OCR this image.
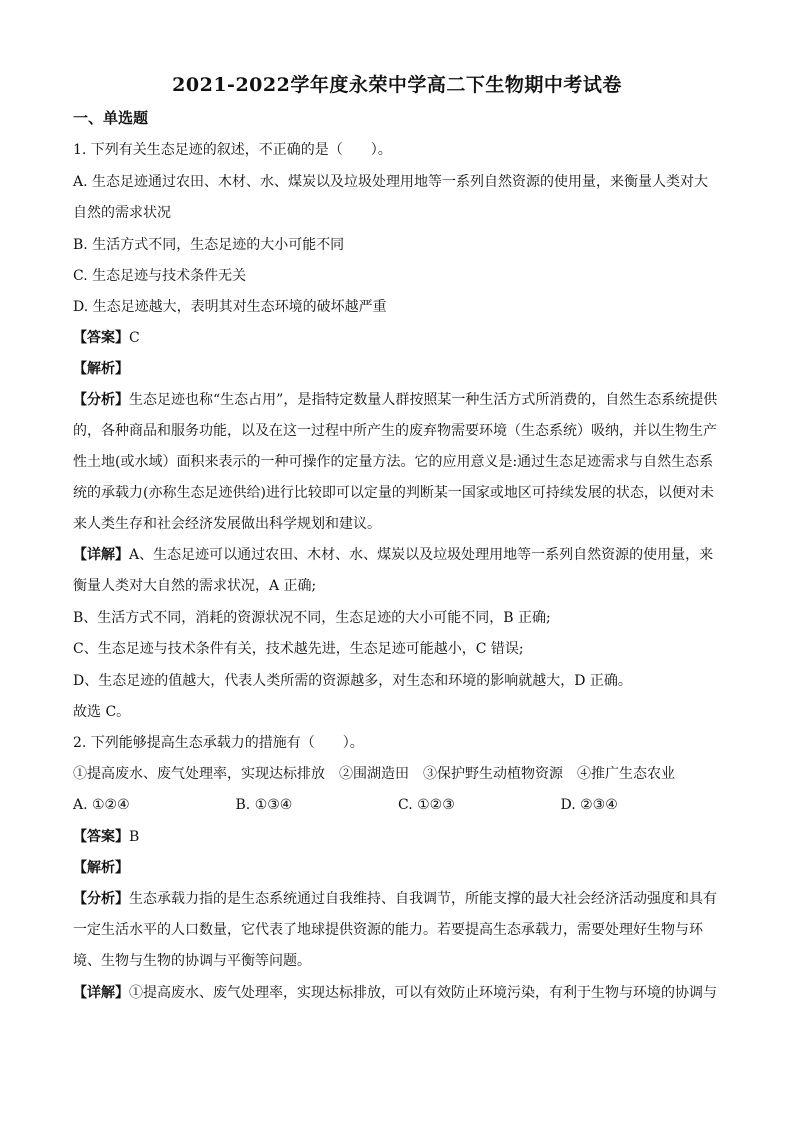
2021-2022学年度永荣中学高二下生物期中考试卷
一、单选题
1. 下列有关生态足迹的叙述，不正确的是（　　）。
A. 生态足迹通过农田、木材、水、煤炭以及垃圾处理用地等一系列自然资源的使用量，来衡量人类对大
自然的需求状况
B. 生活方式不同，生态足迹的大小可能不同
C. 生态足迹与技术条件无关
D. 生态足迹越大，表明其对生态环境的破坏越严重
【答案】C
【解析】
【分析】生态足迹也称“生态占用”，是指特定数量人群按照某一种生活方式所消费的，自然生态系统提供
的，各种商品和服务功能，以及在这一过程中所产生的废弃物需要环境（生态系统）吸纳，并以生物生产
性土地(或水域）面积来表示的一种可操作的定量方法。它的应用意义是:通过生态足迹需求与自然生态系
统的承载力(亦称生态足迹供给)进行比较即可以定量的判断某一国家或地区可持续发展的状态，以便对未
来人类生存和社会经济发展做出科学规划和建议。
【详解】A、生态足迹可以通过农田、木材、水、煤炭以及垃圾处理用地等一系列自然资源的使用量，来
衡量人类对大自然的需求状况，A 正确;
B、生活方式不同，消耗的资源状况不同，生态足迹的大小可能不同，B 正确;
C、生态足迹与技术条件有关，技术越先进，生态足迹可能越小，C 错误;
D、生态足迹的值越大，代表人类所需的资源越多，对生态和环境的影响就越大，D 正确。
故选 C。
2. 下列能够提高生态承载力的措施有（　　）。
①提高废水、废气处理率，实现达标排放　②围湖造田　③保护野生动植物资源　④推广生态农业
A. ①②④	B. ①③④	C. ①②③	D. ②③④
【答案】B
【解析】
【分析】生态承载力指的是生态系统通过自我维持、自我调节，所能支撑的最大社会经济活动强度和具有
一定生活水平的人口数量，它代表了地球提供资源的能力。若要提高生态承载力，需要处理好生物与环
境、生物与生物的协调与平衡等问题。
【详解】①提高废水、废气处理率，实现达标排放，可以有效防止环境污染，有利于生物与环境的协调与
